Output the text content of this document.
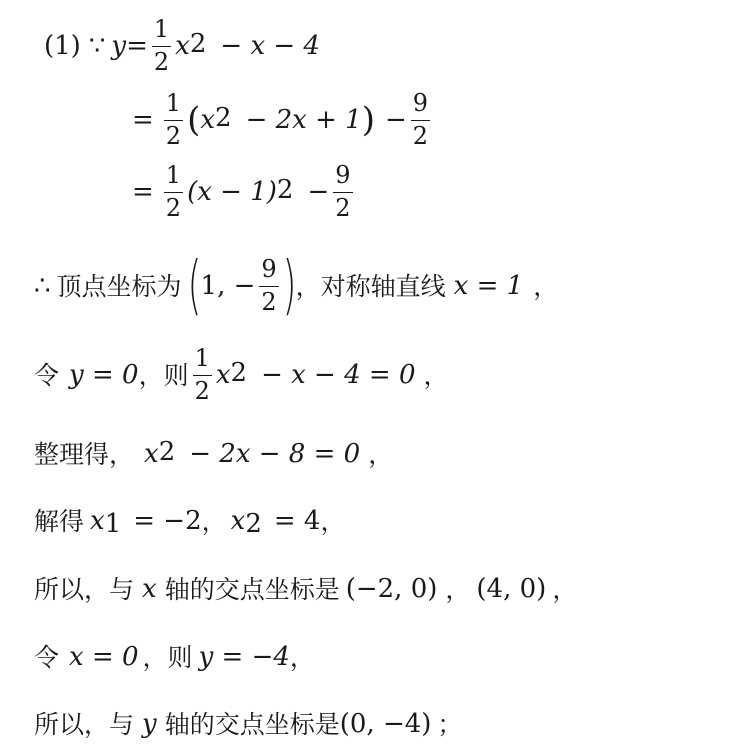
(1) ∵ $y = \frac{1}{2} x^2 - x - 4$
= $\frac{1}{2}$ ( $x^2 - 2x + 1$ ) − $\frac{9}{2}$
= $\frac{1}{2} (x - 1)^2 - \frac{9}{2}$
∴ 顶点坐标为 ( 1, − $\frac{9}{2}$ ) ，对称轴直线 x = 1 ，
令 y = 0 ，则 $\frac{1}{2} x^2 - x - 4 = 0$ ，
整理得， $x^2 - 2x - 8 = 0$ ，
解得 $x_1 = -2$ ， $x_2 = 4$ ，
所以，与 x 轴的交点坐标是 (−2, 0) ， (4, 0) ，
令 x = 0 ，则 y = −4 ，
所以，与 y 轴的交点坐标是 (0, −4) ；
